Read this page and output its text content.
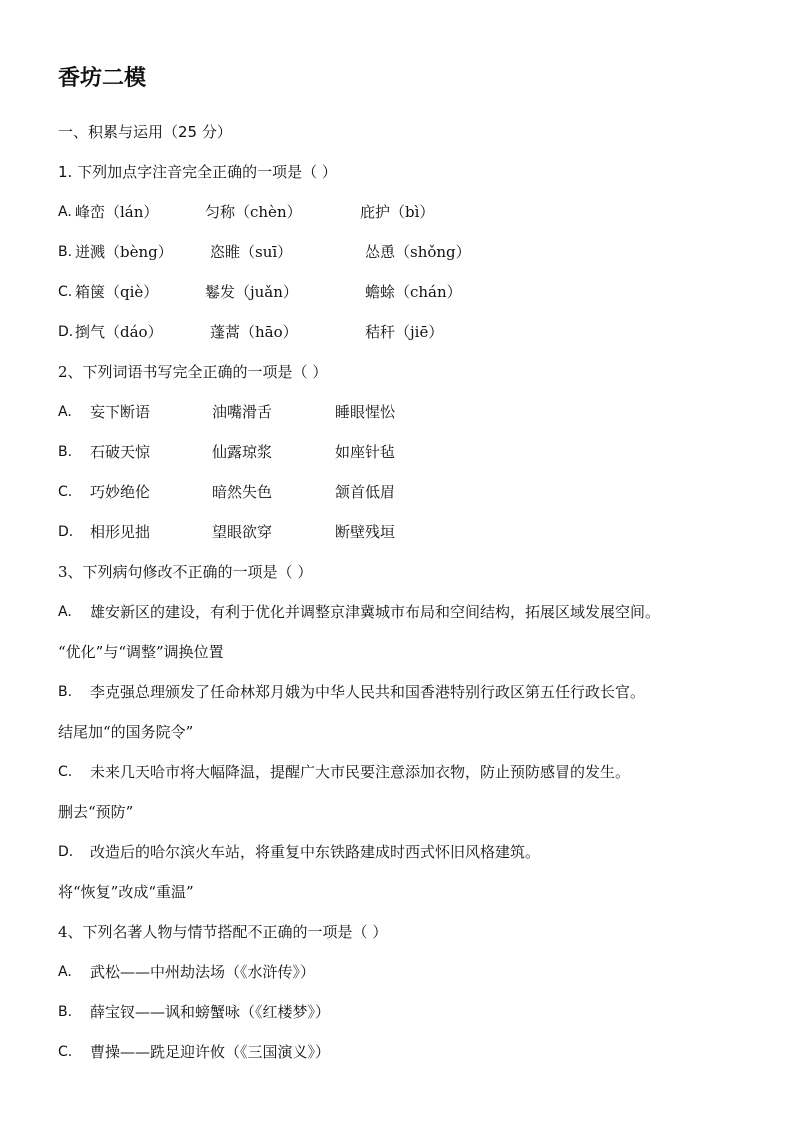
香坊二模
一、积累与运用（25 分）
1. 下列加点字注音完全正确的一项是（ ）
A. 峰峦（lán）	匀称（chèn）	庇护（bì）
B. 迸溅（bèng） 恣睢（suī）	怂恿（shǒng）
C. 箱箧（qiè）	鬈发（juǎn）	蟾蜍（chán）
D. 捯气（dáo）	蓬蒿（hāo）	秸秆（jiē）
2、下列词语书写完全正确的一项是（ ）
A. 妄下断语	油嘴滑舌	睡眼惺忪
B. 石破天惊	仙露琼浆	如座针毡
C. 巧妙绝伦	暗然失色	颔首低眉
D. 相形见拙	望眼欲穿	断壁残垣
3、下列病句修改不正确的一项是（ ）
A. 雄安新区的建设，有利于优化并调整京津冀城市布局和空间结构，拓展区域发展空间。
“优化”与“调整”调换位置
B. 李克强总理颁发了任命林郑月娥为中华人民共和国香港特别行政区第五任行政长官。
结尾加“的国务院令”
C. 未来几天哈市将大幅降温，提醒广大市民要注意添加衣物，防止预防感冒的发生。
删去“预防”
D. 改造后的哈尔滨火车站，将重复中东铁路建成时西式怀旧风格建筑。
将“恢复”改成“重温”
4、下列名著人物与情节搭配不正确的一项是（ ）
A. 武松——中州劫法场（《水浒传》）
B. 薛宝钗——讽和螃蟹咏（《红楼梦》）
C. 曹操——跣足迎许攸（《三国演义》）
